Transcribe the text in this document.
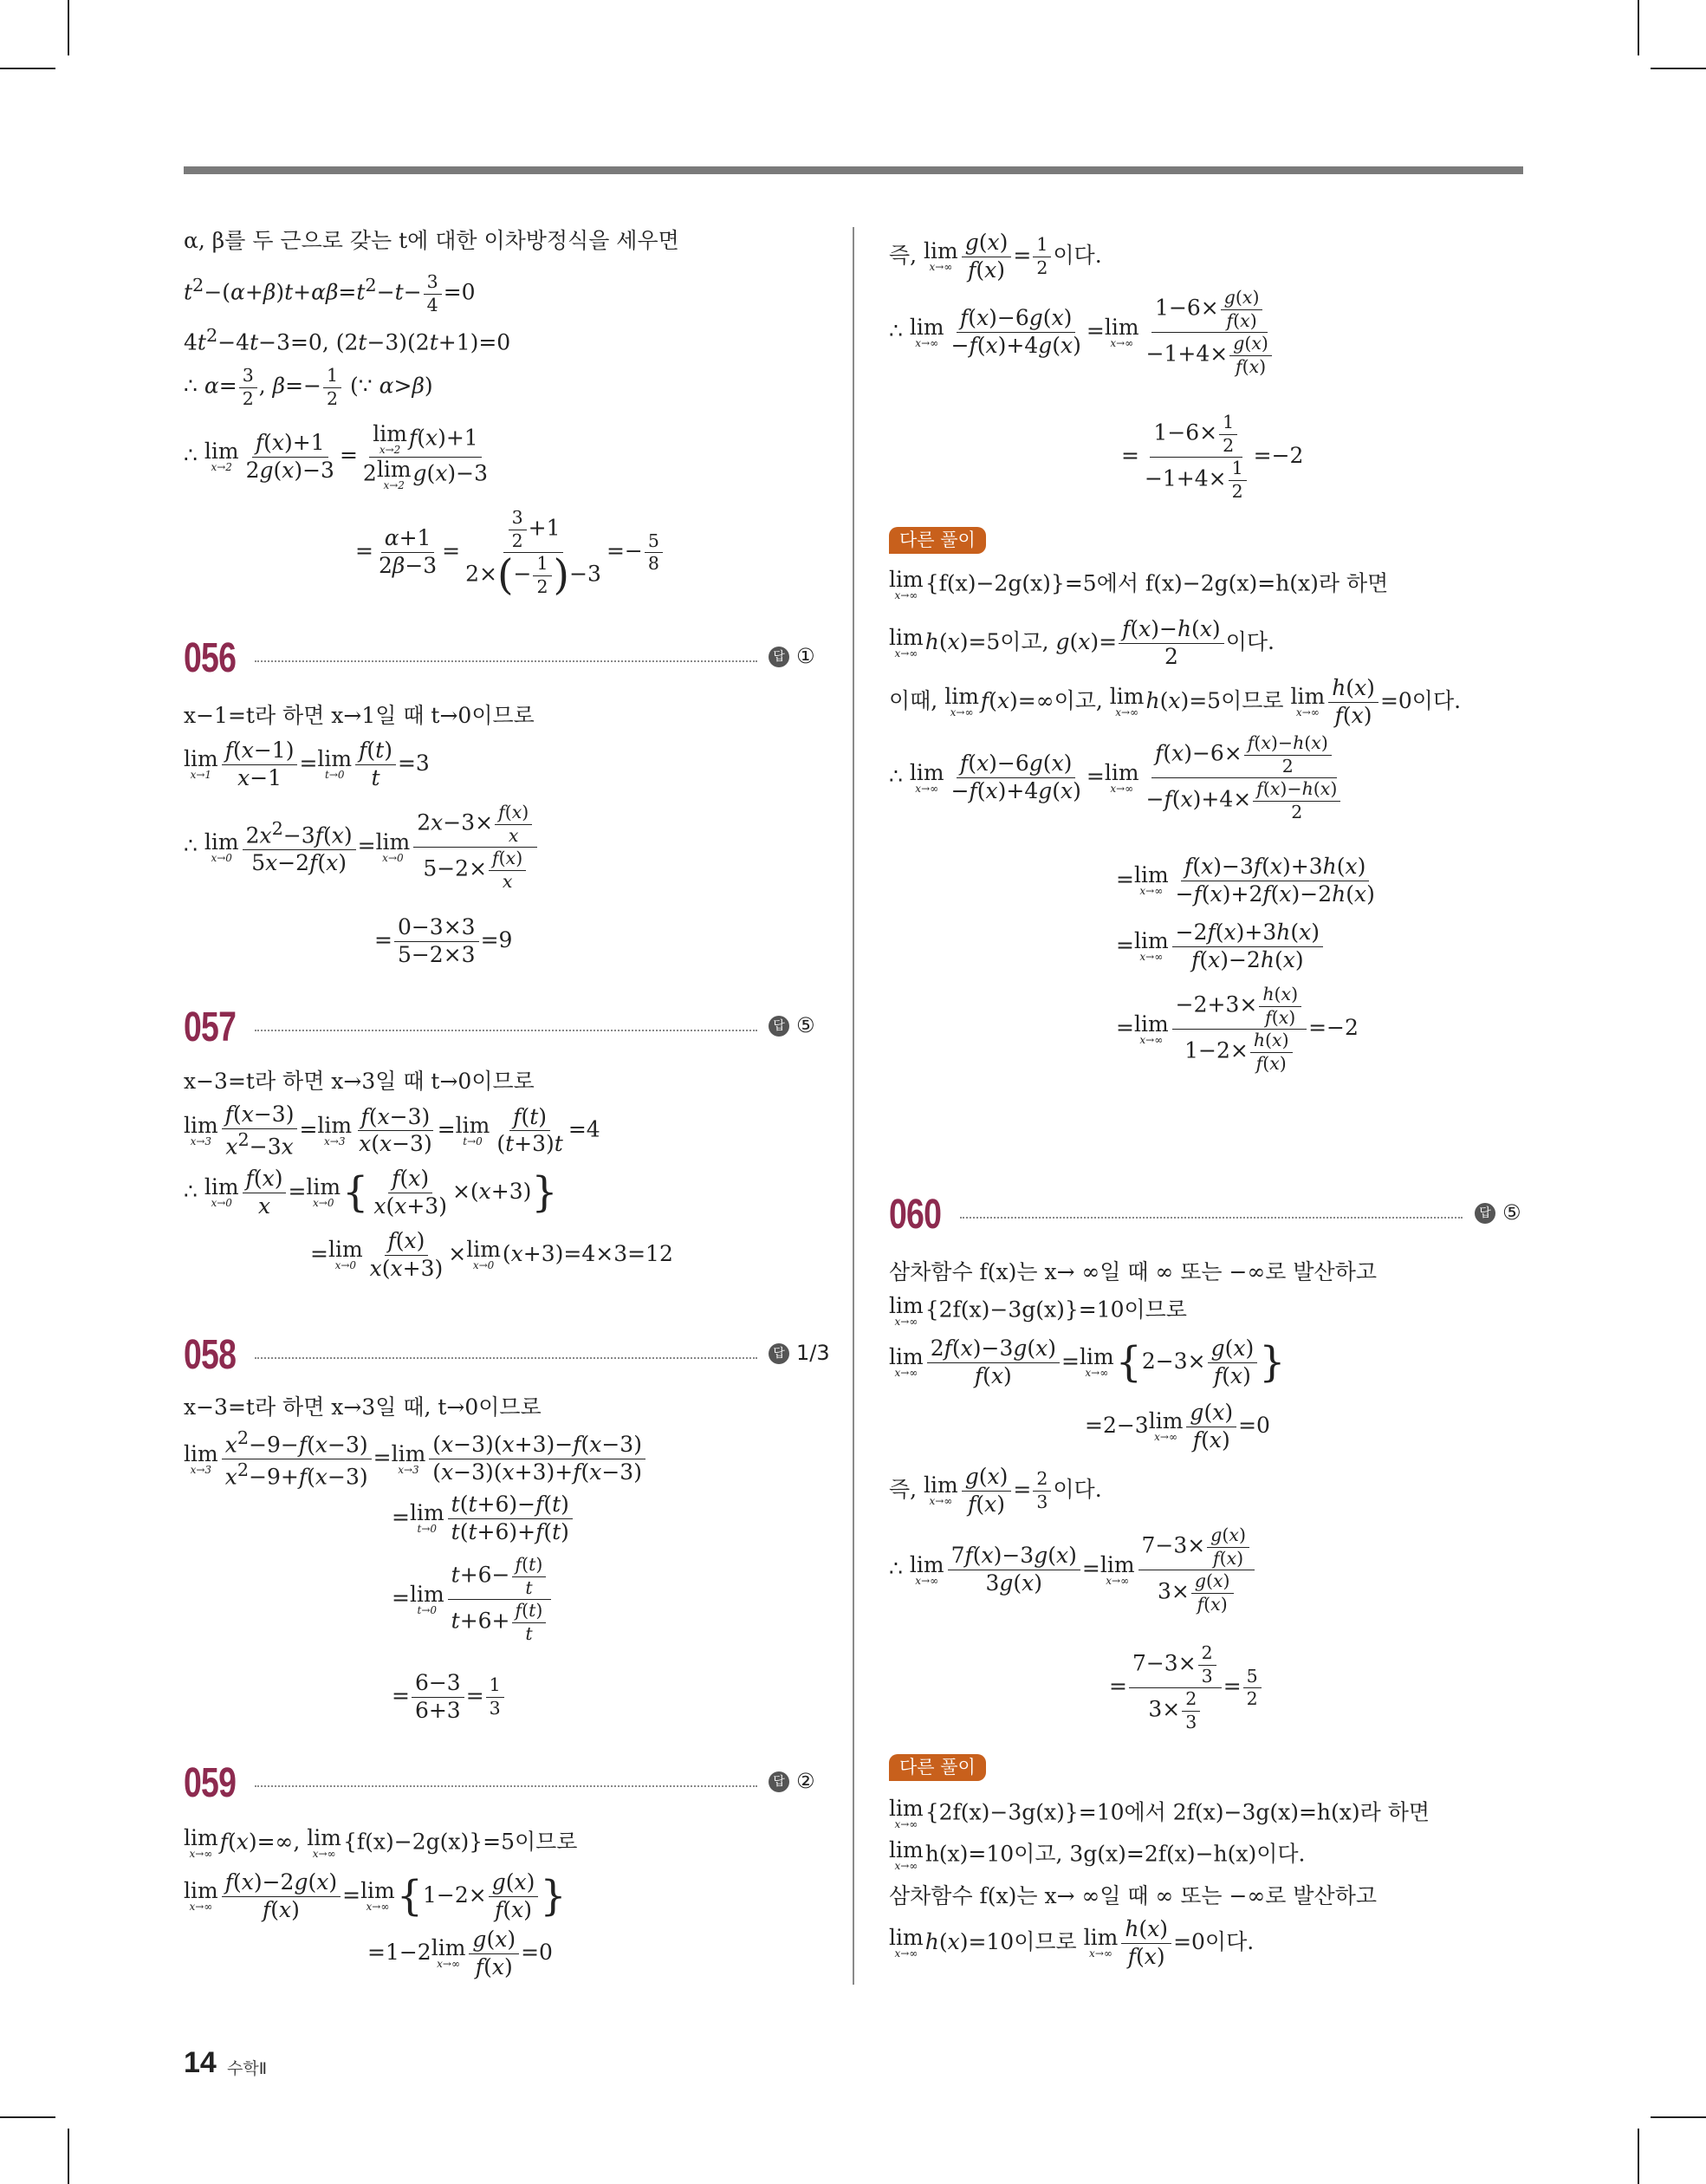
α, β를 두 근으로 갖는 t에 대한 이차방정식을 세우면
$t^2-(\alpha+\beta)t+\alpha\beta=t^2-t- \frac{3}{4} =0$
$4t^2-4t-3=0$, (2t−3)(2t+1)=0
∴ $\alpha= \frac{3}{2}$ , $\beta=- \frac{1}{2}$ (∵ α>β)
∴ lim
$x\to 2 \frac{f(x)+1}{2g(x)-3} = \lim$
x→2 f(x)+1
2 lim
x→2 g(x)−3
= $\frac{\alpha+1}{2\beta-3} = \frac{\frac{3}{2} +1}{2\times(- \frac{1}{2} )-3} =- \frac{5}{8}$
056	답 ①
x−1=t라 하면 x→1일 때 t→0이므로
lim
$x\to 1 \frac{f(x-1)}{x-1} = \lim$
$t\to 0 \frac{f(t)}{t} =3$
∴ lim
$x\to 0 \frac{2x^2-3f(x)}{5x-2f(x)} = \lim$
$x\to 0 \frac{2x-3\times \frac{f(x)}{x}}{5-2\times \frac{f(x)}{x}}$
= $\frac{0-3\times 3}{5-2\times 3} =9$
057	답 ⑤
x−3=t라 하면 x→3일 때 t→0이므로
lim
$x\to 3 \frac{f(x-3)}{x^2-3x} = \lim$
$x\to 3 \frac{f(x-3)}{x(x-3)} = \lim$
$t\to 0 \frac{f(t)}{(t+3)t} =4$
∴ lim
$x\to 0 \frac{f(x)}{x} = \lim$
x→0 { $\frac{f(x)}{x(x+3)} \times(x+3)$}
= lim
$x\to 0 \frac{f(x)}{x(x+3)} \times \lim$
x→0 (x+3)=4×3=12
058	답 1/3
x−3=t라 하면 x→3일 때, t→0이므로
lim
$x\to 3 \frac{x^2-9-f(x-3)}{x^2-9+f(x-3)} = \lim$
$x\to 3 \frac{(x-3)(x+3)-f(x-3)}{(x-3)(x+3)+f(x-3)}$
= lim
$t\to 0 \frac{t(t+6)-f(t)}{t(t+6)+f(t)}$
= lim
$t\to 0 \frac{t+6- \frac{f(t)}{t}}{t+6+ \frac{f(t)}{t}}$
= $\frac{6-3}{6+3} = \frac{1}{3}$
059	답 ②
lim
x→∞ f(x)=∞, lim
x→∞ {f(x)−2g(x)}=5이므로
lim
$x\to\infty \frac{f(x)-2g(x)}{f(x)} = \lim$
x→∞ {$1-2\times \frac{g(x)}{f(x)}$ }
=1−2 lim
$x\to\infty \frac{g(x)}{f(x)} =0$
즉, lim
$x\to\infty \frac{g(x)}{f(x)} = \frac{1}{2}$ 이다.
∴ lim
$x\to\infty \frac{f(x)-6g(x)}{-f(x)+4g(x)} = \lim$
$x\to\infty \frac{1-6\times \frac{g(x)}{f(x)}}{-1+4\times \frac{g(x)}{f(x)}}$
= $\frac{1-6\times \frac{1}{2}}{-1+4\times \frac{1}{2}} =-2$
다른 풀이
lim
x→∞ {f(x)−2g(x)}=5에서 f(x)−2g(x)=h(x)라 하면
lim
x→∞ h(x)=5이고, $g(x)= \frac{f(x)-h(x)}{2}$ 이다.
이때, lim
x→∞ f(x)=∞이고, lim
x→∞ h(x)=5이므로 lim
$x\to\infty \frac{h(x)}{f(x)} =0$이다.
∴ lim
$x\to\infty \frac{f(x)-6g(x)}{-f(x)+4g(x)} = \lim$
$x\to\infty \frac{f(x)-6\times \frac{f(x)-h(x)}{2}}{-f(x)+4\times \frac{f(x)-h(x)}{2}}$
= lim
$x\to\infty \frac{f(x)-3f(x)+3h(x)}{-f(x)+2f(x)-2h(x)}$
= lim
$x\to\infty \frac{-2f(x)+3h(x)}{f(x)-2h(x)}$
= lim
$x\to\infty \frac{-2+3\times \frac{h(x)}{f(x)}}{1-2\times \frac{h(x)}{f(x)}} =-2$
060	답 ⑤
삼차함수 f(x)는 x→ ∞일 때 ∞ 또는 −∞로 발산하고
lim
x→∞ {2f(x)−3g(x)}=10이므로
lim
$x\to\infty \frac{2f(x)-3g(x)}{f(x)} = \lim$
x→∞ {$2-3\times \frac{g(x)}{f(x)}$ }
=2−3 lim
$x\to\infty \frac{g(x)}{f(x)} =0$
즉, lim
$x\to\infty \frac{g(x)}{f(x)} = \frac{2}{3}$ 이다.
∴ lim
$x\to\infty \frac{7f(x)-3g(x)}{3g(x)} = \lim$
$x\to\infty \frac{7-3\times \frac{g(x)}{f(x)}}{3\times \frac{g(x)}{f(x)}}$
= $\frac{7-3\times \frac{2}{3}}{3\times \frac{2}{3}} = \frac{5}{2}$
다른 풀이
lim
x→∞ {2f(x)−3g(x)}=10에서 2f(x)−3g(x)=h(x)라 하면
lim
x→∞ h(x)=10이고, 3g(x)=2f(x)−h(x)이다.
삼차함수 f(x)는 x→ ∞일 때 ∞ 또는 −∞로 발산하고
lim
x→∞ h(x)=10이므로 lim
$x\to\infty \frac{h(x)}{f(x)} =0$이다.
14 수학Ⅱ
